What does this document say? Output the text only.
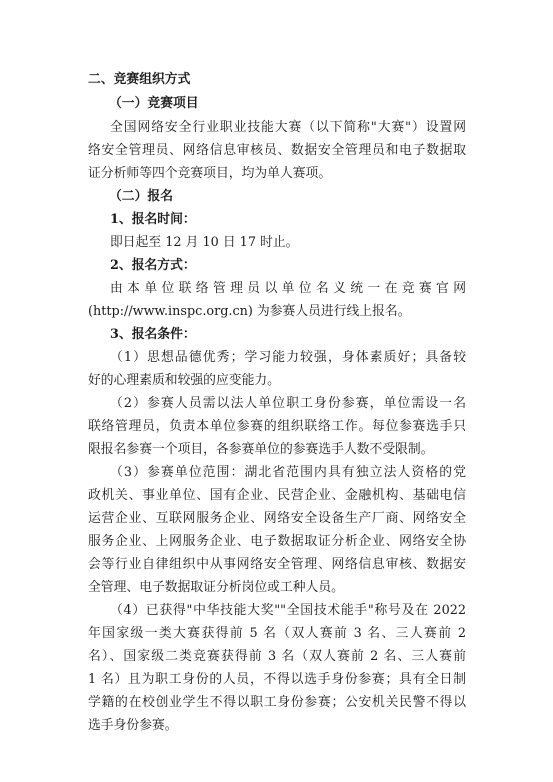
二、竞赛组织方式
（一）竞赛项目
全国网络安全行业职业技能大赛（以下简称"大赛"）设置网
络安全管理员、网络信息审核员、数据安全管理员和电子数据取
证分析师等四个竞赛项目，均为单人赛项。
（二）报名
1、报名时间：
即日起至 12 月 10 日 17 时止。
2、报名方式：
由本单位联络管理员以单位名义统一在竞赛官网
(http://www.inspc.org.cn) 为参赛人员进行线上报名。
3、报名条件：
（1）思想品德优秀；学习能力较强，身体素质好；具备较
好的心理素质和较强的应变能力。
（2）参赛人员需以法人单位职工身份参赛，单位需设一名
联络管理员，负责本单位参赛的组织联络工作。每位参赛选手只
限报名参赛一个项目，各参赛单位的参赛选手人数不受限制。
（3）参赛单位范围：湖北省范围内具有独立法人资格的党
政机关、事业单位、国有企业、民营企业、金融机构、基础电信
运营企业、互联网服务企业、网络安全设备生产厂商、网络安全
服务企业、上网服务企业、电子数据取证分析企业、网络安全协
会等行业自律组织中从事网络安全管理、网络信息审核、数据安
全管理、电子数据取证分析岗位或工种人员。
（4）已获得"中华技能大奖""全国技术能手"称号及在 2022
年国家级一类大赛获得前 5 名（双人赛前 3 名、三人赛前 2
名）、国家级二类竞赛获得前 3 名（双人赛前 2 名、三人赛前
1 名）且为职工身份的人员，不得以选手身份参赛；具有全日制
学籍的在校创业学生不得以职工身份参赛；公安机关民警不得以
选手身份参赛。
